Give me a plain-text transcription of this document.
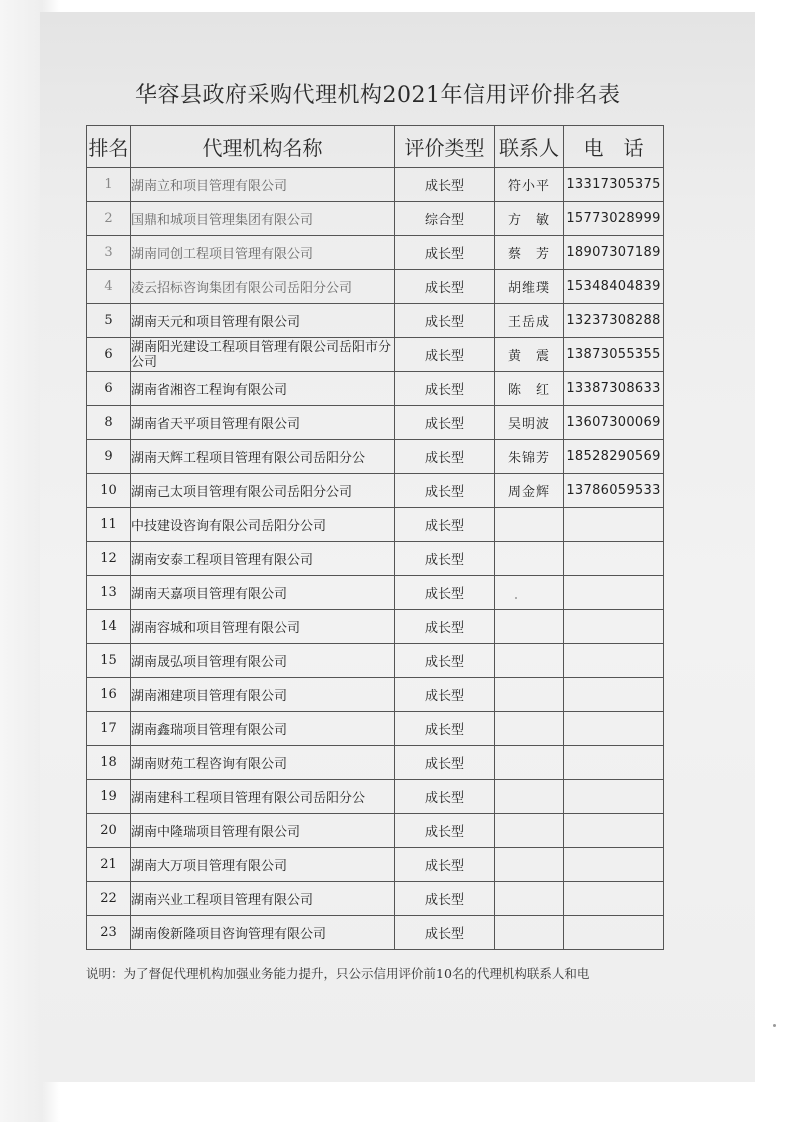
华容县政府采购代理机构2021年信用评价排名表
排名	代理机构名称	评价类型	联系人	电　话
1	湖南立和项目管理有限公司	成长型	符小平	13317305375
2	国鼎和城项目管理集团有限公司	综合型	方　敏	15773028999
3	湖南同创工程项目管理有限公司	成长型	蔡　芳	18907307189
4	凌云招标咨询集团有限公司岳阳分公司	成长型	胡维璞	15348404839
5	湖南天元和项目管理有限公司	成长型	王岳成	13237308288
6	湖南阳光建设工程项目管理有限公司岳阳市分公司	成长型	黄　震	13873055355
6	湖南省湘咨工程询有限公司	成长型	陈　红	13387308633
8	湖南省天平项目管理有限公司	成长型	吴明波	13607300069
9	湖南天辉工程项目管理有限公司岳阳分公	成长型	朱锦芳	18528290569
10	湖南己太项目管理有限公司岳阳分公司	成长型	周金辉	13786059533
11	中技建设咨询有限公司岳阳分公司	成长型		
12	湖南安泰工程项目管理有限公司	成长型		
13	湖南天嘉项目管理有限公司	成长型		
14	湖南容城和项目管理有限公司	成长型		
15	湖南晟弘项目管理有限公司	成长型		
16	湖南湘建项目管理有限公司	成长型		
17	湖南鑫瑞项目管理有限公司	成长型		
18	湖南财苑工程咨询有限公司	成长型		
19	湖南建科工程项目管理有限公司岳阳分公	成长型		
20	湖南中隆瑞项目管理有限公司	成长型		
21	湖南大万项目管理有限公司	成长型		
22	湖南兴业工程项目管理有限公司	成长型		
23	湖南俊新隆项目咨询管理有限公司	成长型		
说明：为了督促代理机构加强业务能力提升，只公示信用评价前10名的代理机构联系人和电
